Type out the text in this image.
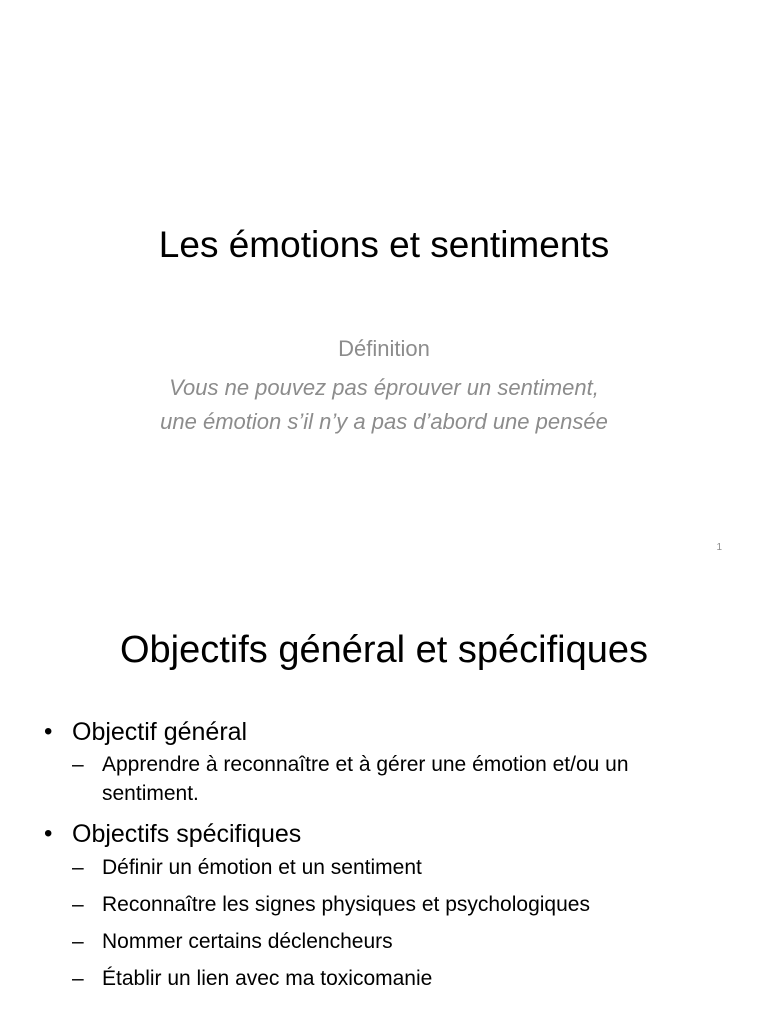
Les émotions et sentiments
Définition
Vous ne pouvez pas éprouver un sentiment,
une émotion s’il n’y a pas d’abord une pensée
1
Objectifs général et spécifiques
• Objectif général
– Apprendre à reconnaître et à gérer une émotion et/ou un sentiment.
• Objectifs spécifiques
– Définir un émotion et un sentiment
– Reconnaître les signes physiques et psychologiques
– Nommer certains déclencheurs
– Établir un lien avec ma toxicomanie
